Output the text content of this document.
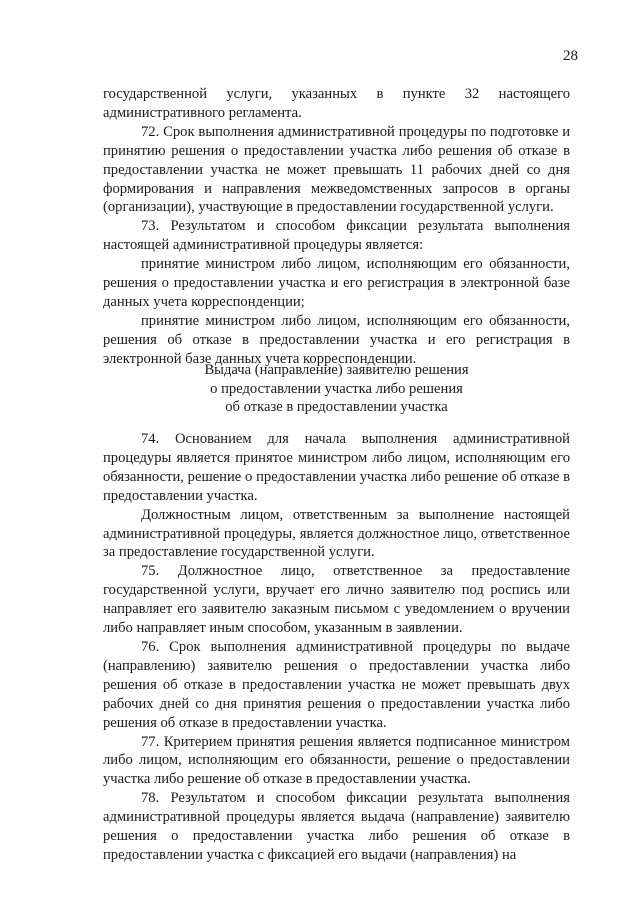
28

государственной услуги, указанных в пункте 32 настоящего административного регламента.

72. Срок выполнения административной процедуры по подготовке и принятию решения о предоставлении участка либо решения об отказе в предоставлении участка не может превышать 11 рабочих дней со дня формирования и направления межведомственных запросов в органы (организации), участвующие в предоставлении государственной услуги.

73. Результатом и способом фиксации результата выполнения настоящей административной процедуры является:

принятие министром либо лицом, исполняющим его обязанности, решения о предоставлении участка и его регистрация в электронной базе данных учета корреспонденции;

принятие министром либо лицом, исполняющим его обязанности, решения об отказе в предоставлении участка и его регистрация в электронной базе данных учета корреспонденции.

Выдача (направление) заявителю решения
о предоставлении участка либо решения
об отказе в предоставлении участка

74. Основанием для начала выполнения административной процедуры является принятое министром либо лицом, исполняющим его обязанности, решение о предоставлении участка либо решение об отказе в предоставлении участка.

Должностным лицом, ответственным за выполнение настоящей административной процедуры, является должностное лицо, ответственное за предоставление государственной услуги.

75. Должностное лицо, ответственное за предоставление государственной услуги, вручает его лично заявителю под роспись или направляет его заявителю заказным письмом с уведомлением о вручении либо направляет иным способом, указанным в заявлении.

76. Срок выполнения административной процедуры по выдаче (направлению) заявителю решения о предоставлении участка либо решения об отказе в предоставлении участка не может превышать двух рабочих дней со дня принятия решения о предоставлении участка либо решения об отказе в предоставлении участка.

77. Критерием принятия решения является подписанное министром либо лицом, исполняющим его обязанности, решение о предоставлении участка либо решение об отказе в предоставлении участка.

78. Результатом и способом фиксации результата выполнения административной процедуры является выдача (направление) заявителю решения о предоставлении участка либо решения об отказе в предоставлении участка с фиксацией его выдачи (направления) на
